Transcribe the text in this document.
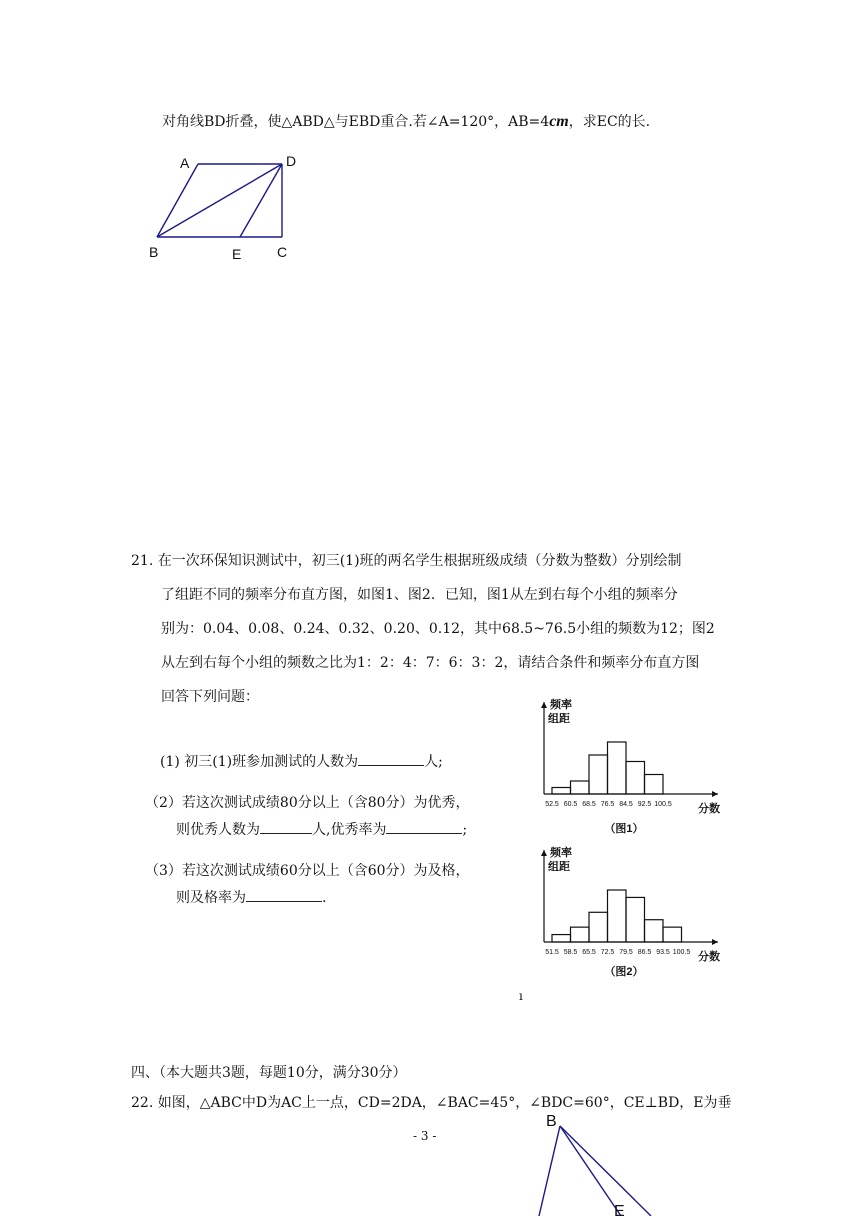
对角线BD折叠，使△ABD△与EBD重合.若∠A=120°，AB=4cm，求EC的长.
A	D
B	E	C
21. 在一次环保知识测试中，初三(1)班的两名学生根据班级成绩（分数为整数）分别绘制
了组距不同的频率分布直方图，如图1、图2．已知，图1从左到右每个小组的频率分
别为：0.04、0.08、0.24、0.32、0.20、0.12，其中68.5~76.5小组的频数为12；图2
从左到右每个小组的频数之比为1：2：4：7：6：3：2，请结合条件和频率分布直方图
回答下列问题：
(1) 初三(1)班参加测试的人数为	人;
（2）若这次测试成绩80分以上（含80分）为优秀，
则优秀人数为	人,优秀率为	;
（3）若这次测试成绩60分以上（含60分）为及格，
则及格率为	.
频率
组距
52.5 60.5 68.5 76.5 84.5 92.5 100.5 分数
（图1）
频率
组距
51.5 58.5 65.5 72.5 79.5 86.5 93.5 100.5 分数
（图2）
ı
四、（本大题共3题，每题10分，满分30分）
22. 如图，△ABC中D为AC上一点，CD=2DA，∠BAC=45°，∠BDC=60°，CE⊥BD，E为垂
- 3 -
B
E
